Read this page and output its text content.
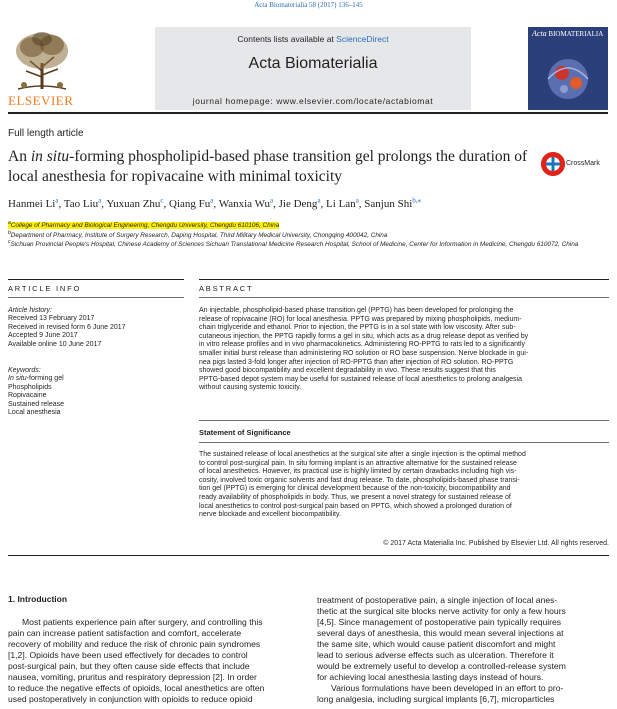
Acta Biomaterialia 58 (2017) 136–145
ELSEVIER
Contents lists available at ScienceDirect
Acta Biomaterialia
journal homepage: www.elsevier.com/locate/actabiomat
Acta BIOMATERIALIA
Full length article
An in situ-forming phospholipid-based phase transition gel prolongs the duration of local anesthesia for ropivacaine with minimal toxicity
CrossMark
Hanmei Li$^a$, Tao Liu$^a$, Yuxuan Zhu$^c$, Qiang Fu$^a$, Wanxia Wu$^a$, Jie Deng$^a$, Li Lan$^a$, Sanjun Shi$^{b,⁎}$
$^a$College of Pharmacy and Biological Engineering, Chengdu University, Chengdu 610106, China
$^b$Department of Pharmacy, Institute of Surgery Research, Daping Hospital, Third Military Medical University, Chongqing 400042, China
$^c$Sichuan Provincial People's Hospital, Chinese Academy of Sciences Sichuan Translational Medicine Research Hospital, School of Medicine, Center for Information in Medicine, Chengdu 610072, China
ARTICLE INFO
Article history:
Received 13 February 2017
Received in revised form 6 June 2017
Accepted 9 June 2017
Available online 10 June 2017
Keywords:
In situ-forming gel
Phospholipids
Ropivacaine
Sustained release
Local anesthesia
ABSTRACT
An injectable, phospholipid-based phase transition gel (PPTG) has been developed for prolonging the
release of ropivacaine (RO) for local anesthesia. PPTG was prepared by mixing phospholipids, medium-
chain triglyceride and ethanol. Prior to injection, the PPTG is in a sol state with low viscosity. After sub-
cutaneous injection, the PPTG rapidly forms a gel in situ, which acts as a drug release depot as verified by
in vitro release profiles and in vivo pharmacokinetics. Administering RO-PPTG to rats led to a significantly
smaller initial burst release than administering RO solution or RO base suspension. Nerve blockade in gui-
nea pigs lasted 3-fold longer after injection of RO-PPTG than after injection of RO solution. RO-PPTG
showed good biocompatibility and excellent degradability in vivo. These results suggest that this
PPTG-based depot system may be useful for sustained release of local anesthetics to prolong analgesia
without causing systemic toxicity.
Statement of Significance
The sustained release of local anesthetics at the surgical site after a single injection is the optimal method
to control post-surgical pain. In situ forming implant is an attractive alternative for the sustained release
of local anesthetics. However, its practical use is highly limited by certain drawbacks including high vis-
cosity, involved toxic organic solvents and fast drug release. To date, phospholipids-based phase transi-
tion gel (PPTG) is emerging for clinical development because of the non-toxicity, biocompatibility and
ready availability of phospholipids in body. Thus, we present a novel strategy for sustained release of
local anesthetics to control post-surgical pain based on PPTG, which showed a prolonged duration of
nerve blockade and excellent biocompatibility.
© 2017 Acta Materialia Inc. Published by Elsevier Ltd. All rights reserved.
1. Introduction
Most patients experience pain after surgery, and controlling this
pain can increase patient satisfaction and comfort, accelerate
recovery of mobility and reduce the risk of chronic pain syndromes
[1,2]. Opioids have been used effectively for decades to control
post-surgical pain, but they often cause side effects that include
nausea, vomiting, pruritus and respiratory depression [2]. In order
to reduce the negative effects of opioids, local anesthetics are often
used postoperatively in conjunction with opioids to reduce opioid
treatment of postoperative pain, a single injection of local anes-
thetic at the surgical site blocks nerve activity for only a few hours
[4,5]. Since management of postoperative pain typically requires
several days of anesthesia, this would mean several injections at
the same site, which would cause patient discomfort and might
lead to serious adverse effects such as ulceration. Therefore it
would be extremely useful to develop a controlled-release system
for achieving local anesthesia lasting days instead of hours.
Various formulations have been developed in an effort to pro-
long analgesia, including surgical implants [6,7], microparticles
